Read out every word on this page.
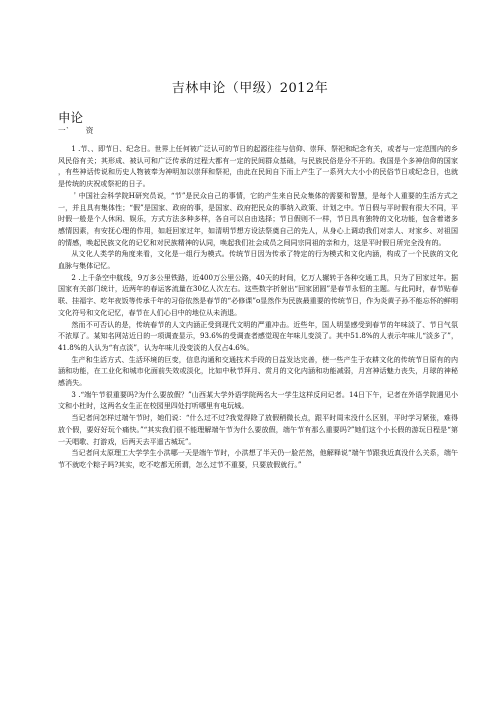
吉林申论（甲级）2012年
申论
一ˋ　　资

1 .节、、即节日、纪念日。世界上任何被广泛认可的节日的起源往往与信仰、崇拜、祭祀和纪念有关，或者与一定范围内的乡风民俗有关；其形成、被认可和广泛传承的过程大都有一定的民间群众基础，与民族民俗是分不开的。我国是个多神信仰的国家，有些神话传说和历史人物被奉为神明加以崇拜和祭祀，由此在民间自下而上产生了一系列大大小小的民俗节日或纪念日，也就是传统的庆祝或祭祀的日子。

＇中国社会科学院H研究员说，“节”是民众自己的事情，它的产生来自民众集体的需要和智慧，是每个人重要的生活方式之一，并且具有集体性；“假”是国家、政府的事，是国家、政府把民众的事纳入政策、计划之中。节日假与平时假有很大不同，平时假一般是个人休闲、娱乐，方式方法多种多样，各自可以自由选择；节日假则不一样，节日具有独特的文化功能，包含着诸多感情因素，有安抚心理的作用，如赶回家过年，如清明节想方设法祭奠自己的先人，从身心上调动我们对亲人、对家乡、对祖国的情感，唤起民族文化的记忆和对民族精神的认同，唤起我们社会成员之间同宗同祖的亲和力，这是平时假日所完全没有的。

从文化人类学的角度来看，文化是一组行为模式。传统节日因为传承了特定的行为模式和文化内涵，构成了一个民族的文化血脉与集体记忆。

2 .上千条空中航线，9万多公里铁路，近400万公里公路，40天的时间，亿万人辗转于各种交通工具，只为了回家过年。据国家有关部门统计，近两年的春运客流量在30亿人次左右。这些数字折射出“回家团圆”是春节永恒的主题。与此同时，春节贴春联、挂福字、吃年夜饭等传承千年的习俗依然是春节的“必修课”o显然作为民族最重要的传统节日，作为炎黄子孙不能忘怀的鲜明文化符号和文化记忆，春节在人们心目中的地位从未消退。

然而不可否认的是，传统春节的人文内涵正受到现代文明的严重冲击。近些年，国人明显感受到春节的年味淡了、节日气氛不浓厚了。某知名网站近日的一项调查显示，93.6%的受调查者感觉现在年味儿变淡了。其中51.8%的人表示年味儿“淡多了”，41.8%的人认为“有点淡”，认为年味儿没变淡的人仅占4.6%。

生产和生活方式、生活环境的巨变，信息沟通和交通技术手段的日益发达完善，使一些产生于农耕文化的传统节日原有的内涵和功能，在工业化和城市化面前失效或淡化，比如中秋节拜月、赏月的文化内涵和功能减弱，月宫神话魅力丧失，月球的神秘感消失。

3 .“端午节很重要吗?为什么要放假？”山西某大学外语学院两名大一学生这样反问记者。14日下午，记者在外语学院遇见小文和小杜时，这两名女生正在校园里四处打听哪里有电玩城。

当记者问怎样过端午节时，她们说：“什么过不过?我觉得除了放假稍微长点，跟平时周末没什么区别，平时学习紧张，难得放个假，要好好玩个痛快。”“其实我们很不能理解端午节为什么要放假，端午节有那么重要吗?”她们这个小长假的游玩日程是“第一天唱歌、打游戏，后两天去平遥古城玩”。

当记者问太原理工大学学生小洪哪一天是端午节时，小洪想了半天仍一脸茫然，他解释说“端午节跟我近真没什么关系，端午节不就吃个粽子吗?其实，吃不吃都无所谓，怎么过节不重要，只要放假就行。”
